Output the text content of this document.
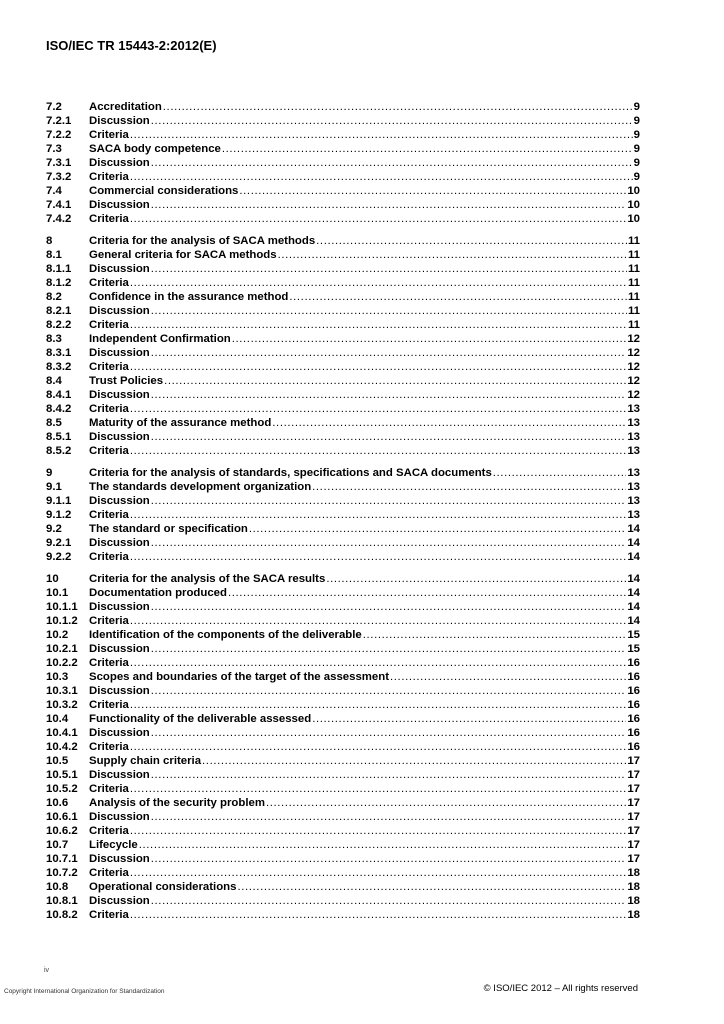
ISO/IEC TR 15443-2:2012(E)
7.2	Accreditation .....	9
7.2.1	Discussion .....	9
7.2.2	Criteria .....	9
7.3	SACA body competence .....	9
7.3.1	Discussion .....	9
7.3.2	Criteria .....	9
7.4	Commercial considerations .....	10
7.4.1	Discussion .....	10
7.4.2	Criteria .....	10
8	Criteria for the analysis of SACA methods .....	11
8.1	General criteria for SACA methods .....	11
8.1.1	Discussion .....	11
8.1.2	Criteria .....	11
8.2	Confidence in the assurance method .....	11
8.2.1	Discussion .....	11
8.2.2	Criteria .....	11
8.3	Independent Confirmation .....	12
8.3.1	Discussion .....	12
8.3.2	Criteria .....	12
8.4	Trust Policies .....	12
8.4.1	Discussion .....	12
8.4.2	Criteria .....	13
8.5	Maturity of the assurance method .....	13
8.5.1	Discussion .....	13
8.5.2	Criteria .....	13
9	Criteria for the analysis of standards, specifications and SACA documents .....	13
9.1	The standards development organization .....	13
9.1.1	Discussion .....	13
9.1.2	Criteria .....	13
9.2	The standard or specification .....	14
9.2.1	Discussion .....	14
9.2.2	Criteria .....	14
10	Criteria for the analysis of the SACA results .....	14
10.1	Documentation produced .....	14
10.1.1 Discussion .....	14
10.1.2 Criteria .....	14
10.2	Identification of the components of the deliverable .....	15
10.2.1 Discussion .....	15
10.2.2 Criteria .....	16
10.3	Scopes and boundaries of the target of the assessment .....	16
10.3.1 Discussion .....	16
10.3.2 Criteria .....	16
10.4	Functionality of the deliverable assessed .....	16
10.4.1 Discussion .....	16
10.4.2 Criteria .....	16
10.5	Supply chain criteria .....	17
10.5.1 Discussion .....	17
10.5.2 Criteria .....	17
10.6	Analysis of the security problem .....	17
10.6.1 Discussion .....	17
10.6.2 Criteria .....	17
10.7	Lifecycle .....	17
10.7.1 Discussion .....	17
10.7.2 Criteria .....	18
10.8	Operational considerations .....	18
10.8.1 Discussion .....	18
10.8.2 Criteria .....	18
iv
Copyright International Organization for Standardization	© ISO/IEC 2012 – All rights reserved
